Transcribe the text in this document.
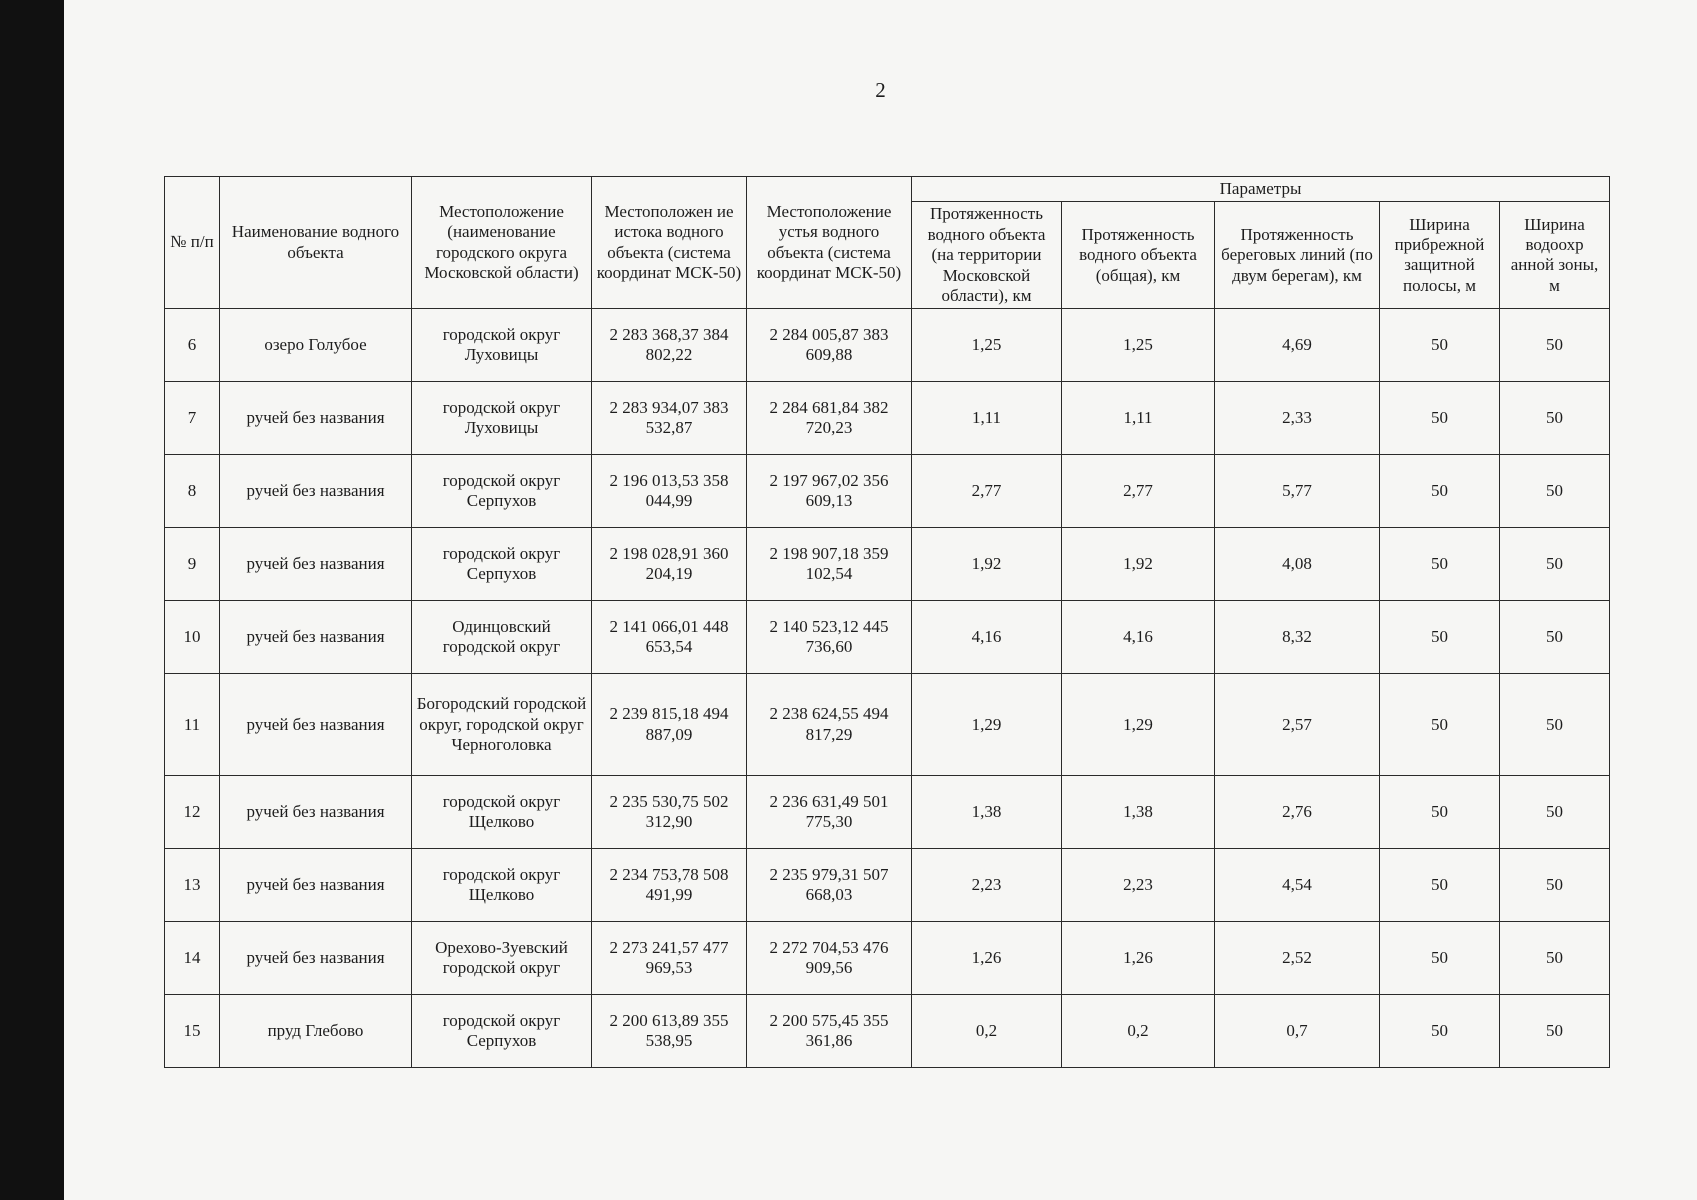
2
№ п/п	Наименование водного объекта	Местоположение (наименование городского округа Московской области)	Местоположен ие истока водного объекта (система координат МСК-50)	Местоположение устья водного объекта (система координат МСК-50)	Параметры				
					Протяженность водного объекта (на территории Московской области), км	Протяженность водного объекта (общая), км	Протяженность береговых линий (по двум берегам), км	Ширина прибрежной защитной полосы, м	Ширина водоохр анной зоны, м
6	озеро Голубое	городской округ Луховицы	2 283 368,37 384 802,22	2 284 005,87 383 609,88	1,25	1,25	4,69	50	50
7	ручей без названия	городской округ Луховицы	2 283 934,07 383 532,87	2 284 681,84 382 720,23	1,11	1,11	2,33	50	50
8	ручей без названия	городской округ Серпухов	2 196 013,53 358 044,99	2 197 967,02 356 609,13	2,77	2,77	5,77	50	50
9	ручей без названия	городской округ Серпухов	2 198 028,91 360 204,19	2 198 907,18 359 102,54	1,92	1,92	4,08	50	50
10	ручей без названия	Одинцовский городской округ	2 141 066,01 448 653,54	2 140 523,12 445 736,60	4,16	4,16	8,32	50	50
11	ручей без названия	Богородский городской округ, городской округ Черноголовка	2 239 815,18 494 887,09	2 238 624,55 494 817,29	1,29	1,29	2,57	50	50
12	ручей без названия	городской округ Щелково	2 235 530,75 502 312,90	2 236 631,49 501 775,30	1,38	1,38	2,76	50	50
13	ручей без названия	городской округ Щелково	2 234 753,78 508 491,99	2 235 979,31 507 668,03	2,23	2,23	4,54	50	50
14	ручей без названия	Орехово-Зуевский городской округ	2 273 241,57 477 969,53	2 272 704,53 476 909,56	1,26	1,26	2,52	50	50
15	пруд Глебово	городской округ Серпухов	2 200 613,89 355 538,95	2 200 575,45 355 361,86	0,2	0,2	0,7	50	50
